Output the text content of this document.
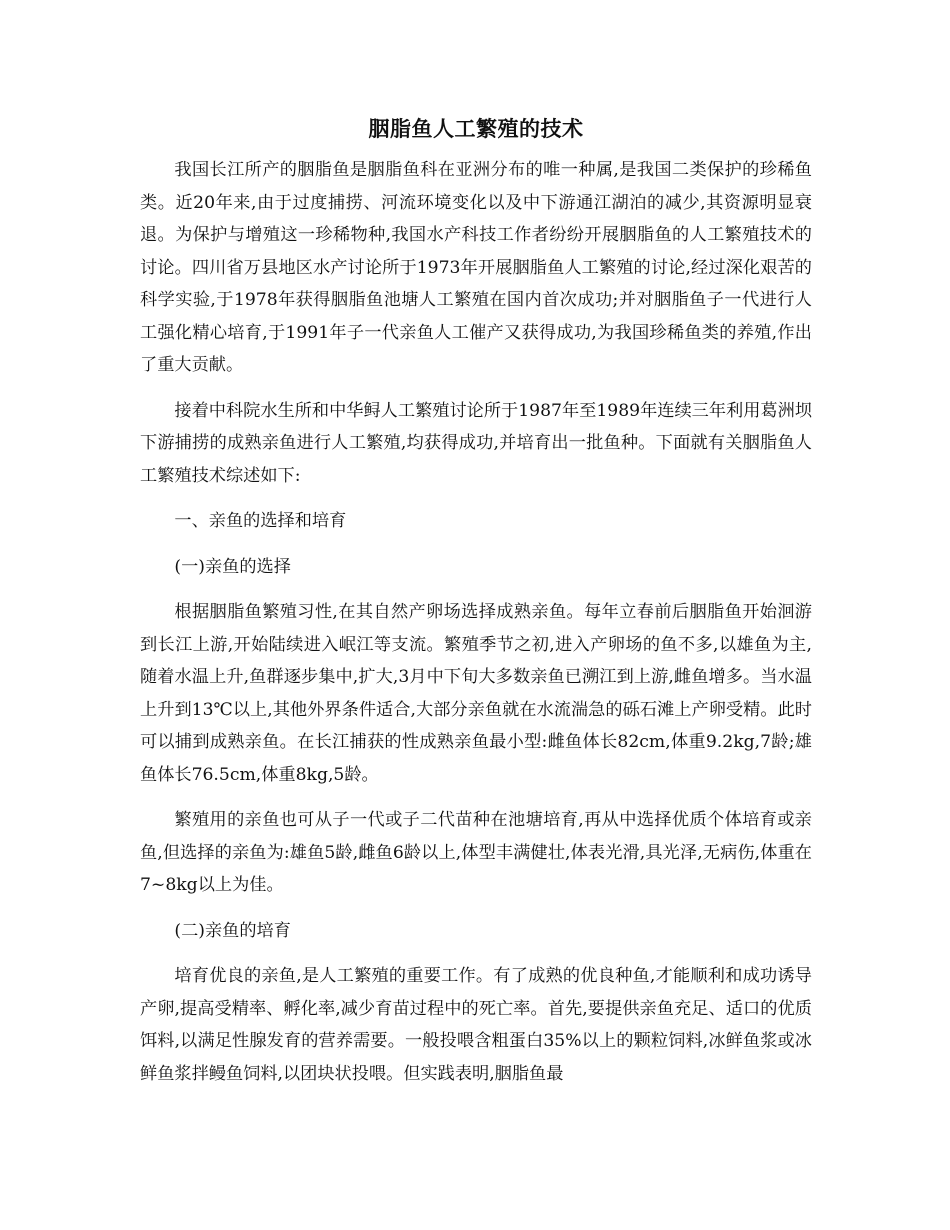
胭脂鱼人工繁殖的技术

我国长江所产的胭脂鱼是胭脂鱼科在亚洲分布的唯一种属,是我国二类保护的珍稀鱼类。近20年来,由于过度捕捞、河流环境变化以及中下游通江湖泊的减少,其资源明显衰退。为保护与增殖这一珍稀物种,我国水产科技工作者纷纷开展胭脂鱼的人工繁殖技术的讨论。四川省万县地区水产讨论所于1973年开展胭脂鱼人工繁殖的讨论,经过深化艰苦的科学实验,于1978年获得胭脂鱼池塘人工繁殖在国内首次成功;并对胭脂鱼子一代进行人工强化精心培育,于1991年子一代亲鱼人工催产又获得成功,为我国珍稀鱼类的养殖,作出了重大贡献。

接着中科院水生所和中华鲟人工繁殖讨论所于1987年至1989年连续三年利用葛洲坝下游捕捞的成熟亲鱼进行人工繁殖,均获得成功,并培育出一批鱼种。下面就有关胭脂鱼人工繁殖技术综述如下:

一、亲鱼的选择和培育

(一)亲鱼的选择

根据胭脂鱼繁殖习性,在其自然产卵场选择成熟亲鱼。每年立春前后胭脂鱼开始洄游到长江上游,开始陆续进入岷江等支流。繁殖季节之初,进入产卵场的鱼不多,以雄鱼为主,随着水温上升,鱼群逐步集中,扩大,3月中下旬大多数亲鱼已溯江到上游,雌鱼增多。当水温上升到13℃以上,其他外界条件适合,大部分亲鱼就在水流湍急的砾石滩上产卵受精。此时可以捕到成熟亲鱼。在长江捕获的性成熟亲鱼最小型:雌鱼体长82cm,体重9.2kg,7龄;雄鱼体长76.5cm,体重8kg,5龄。

繁殖用的亲鱼也可从子一代或子二代苗种在池塘培育,再从中选择优质个体培育或亲鱼,但选择的亲鱼为:雄鱼5龄,雌鱼6龄以上,体型丰满健壮,体表光滑,具光泽,无病伤,体重在7~8kg以上为佳。

(二)亲鱼的培育

培育优良的亲鱼,是人工繁殖的重要工作。有了成熟的优良种鱼,才能顺利和成功诱导产卵,提高受精率、孵化率,减少育苗过程中的死亡率。首先,要提供亲鱼充足、适口的优质饵料,以满足性腺发育的营养需要。一般投喂含粗蛋白35%以上的颗粒饲料,冰鲜鱼浆或冰鲜鱼浆拌鳗鱼饲料,以团块状投喂。但实践表明,胭脂鱼最
